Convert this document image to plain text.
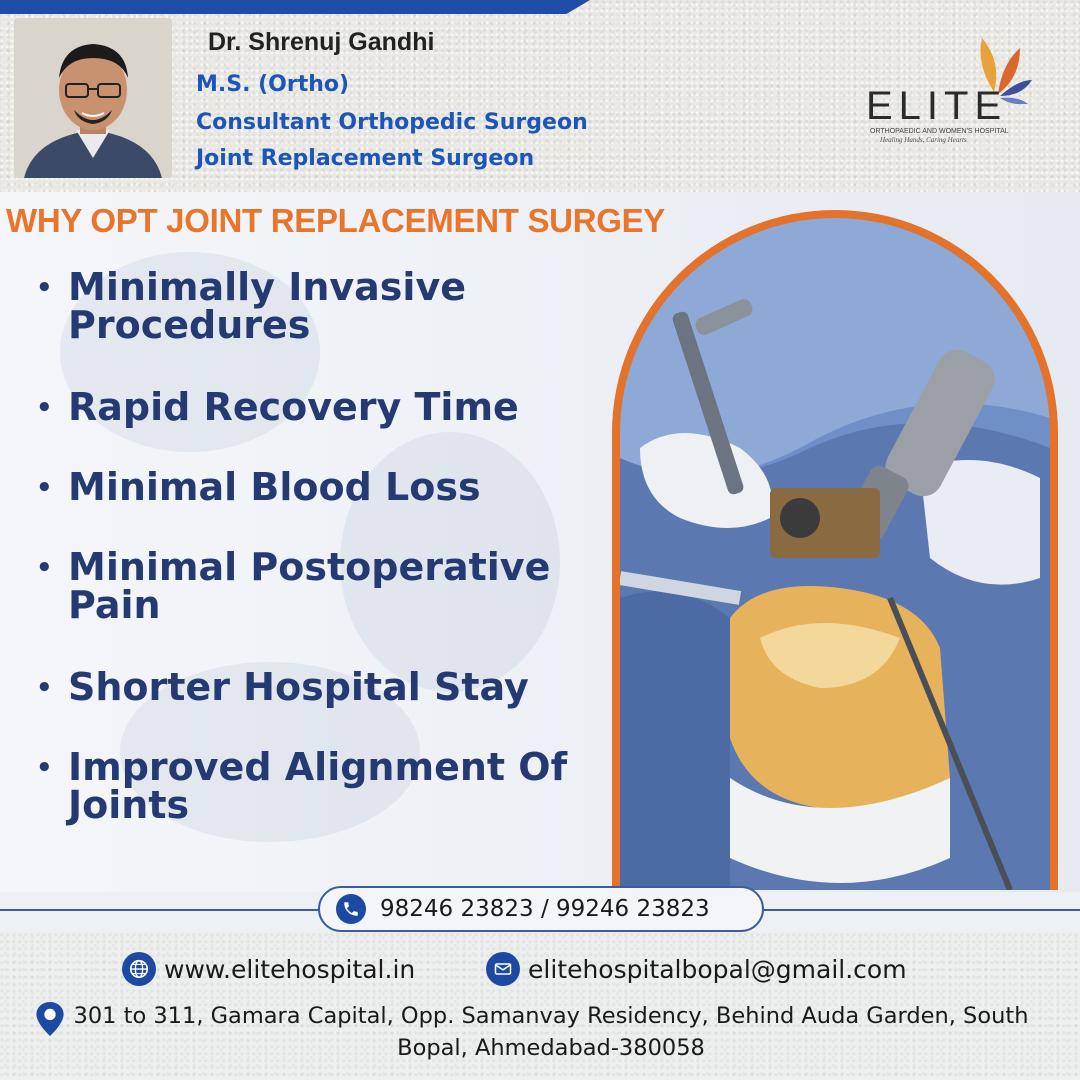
Dr. Shrenuj Gandhi
M.S. (Ortho)
Consultant Orthopedic Surgeon
Joint Replacement Surgeon
ELITE
ORTHOPAEDIC AND WOMEN'S HOSPITAL
Healing Hands, Caring Hearts
WHY OPT JOINT REPLACEMENT SURGEY
• Minimally Invasive Procedures
• Rapid Recovery Time
• Minimal Blood Loss
• Minimal Postoperative Pain
• Shorter Hospital Stay
• Improved Alignment Of Joints
98246 23823 / 99246 23823
www.elitehospital.in	elitehospitalbopal@gmail.com
301 to 311, Gamara Capital, Opp. Samanvay Residency, Behind Auda Garden, South Bopal, Ahmedabad-380058
